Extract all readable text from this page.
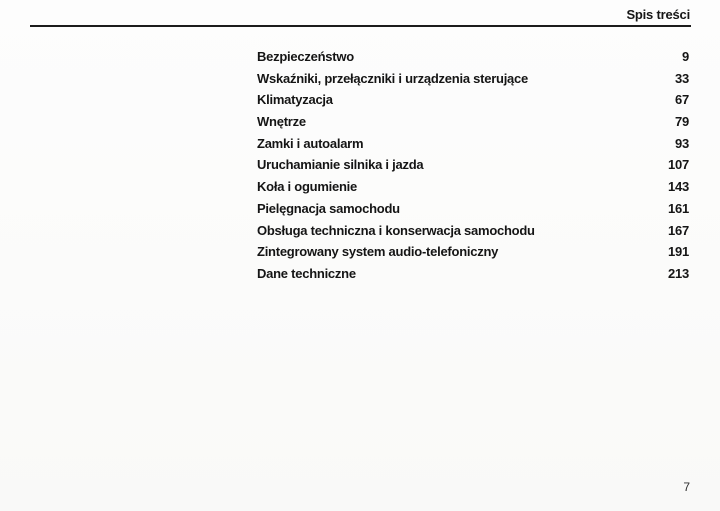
Spis treści
Bezpieczeństwo	9
Wskaźniki, przełączniki i urządzenia sterujące	33
Klimatyzacja	67
Wnętrze	79
Zamki i autoalarm	93
Uruchamianie silnika i jazda	107
Koła i ogumienie	143
Pielęgnacja samochodu	161
Obsługa techniczna i konserwacja samochodu	167
Zintegrowany system audio-telefoniczny	191
Dane techniczne	213
7
